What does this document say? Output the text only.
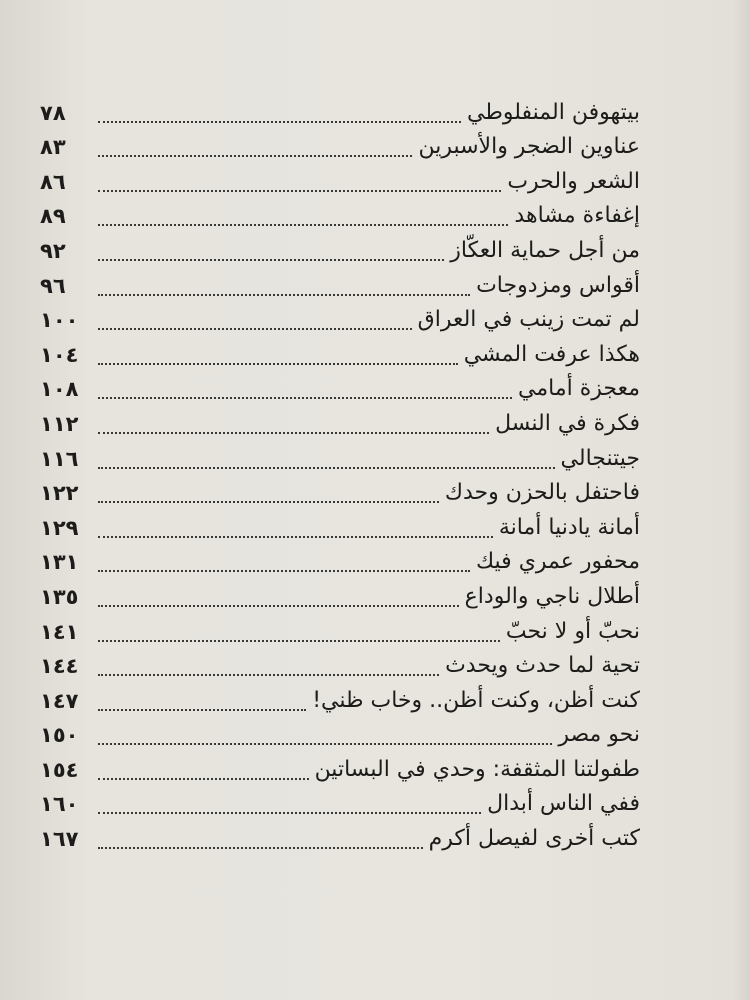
بيتهوفن المنفلوطي
٧٨
عناوين الضجر والأسبرين
٨٣
الشعر والحرب
٨٦
إغفاءة مشاهد
٨٩
من أجل حماية العكّاز
٩٢
أقواس ومزدوجات
٩٦
لم تمت زينب في العراق
١٠٠
هكذا عرفت المشي
١٠٤
معجزة أمامي
١٠٨
فكرة في النسل
١١٢
جيتنجالي
١١٦
فاحتفل بالحزن وحدك
١٢٢
أمانة يادنيا أمانة
١٢٩
محفور عمري فيك
١٣١
أطلال ناجي والوداع
١٣٥
نحبّ أو لا نحبّ
١٤١
تحية لما حدث ويحدث
١٤٤
كنت أظن، وكنت أظن.. وخاب ظني!
١٤٧
نحو مصر
١٥٠
طفولتنا المثقفة: وحدي في البساتين
١٥٤
ففي الناس أبدال
١٦٠
كتب أخرى لفيصل أكرم
١٦٧
